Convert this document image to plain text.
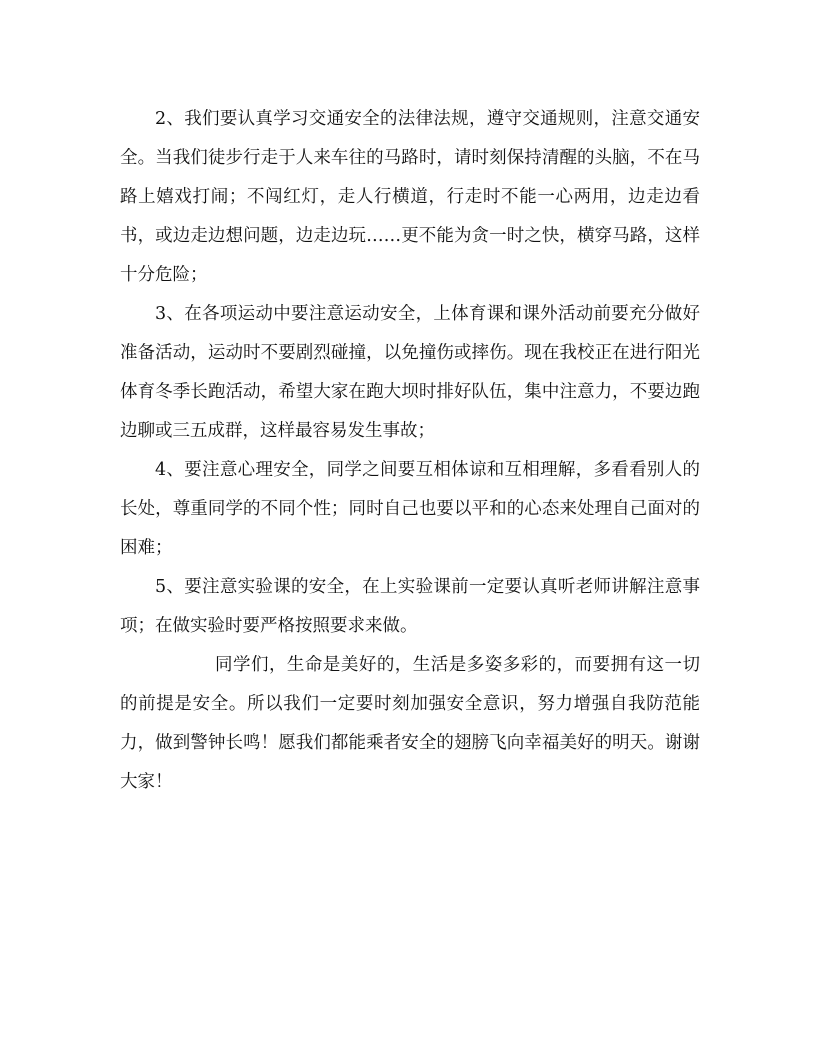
2、我们要认真学习交通安全的法律法规，遵守交通规则，注意交通安全。当我们徒步行走于人来车往的马路时，请时刻保持清醒的头脑，不在马路上嬉戏打闹；不闯红灯，走人行横道，行走时不能一心两用，边走边看书，或边走边想问题，边走边玩……更不能为贪一时之快，横穿马路，这样十分危险；

3、在各项运动中要注意运动安全，上体育课和课外活动前要充分做好准备活动，运动时不要剧烈碰撞，以免撞伤或摔伤。现在我校正在进行阳光体育冬季长跑活动，希望大家在跑大坝时排好队伍，集中注意力，不要边跑边聊或三五成群，这样最容易发生事故；

4、要注意心理安全，同学之间要互相体谅和互相理解，多看看别人的长处，尊重同学的不同个性；同时自己也要以平和的心态来处理自己面对的困难；

5、要注意实验课的安全，在上实验课前一定要认真听老师讲解注意事项；在做实验时要严格按照要求来做。

同学们，生命是美好的，生活是多姿多彩的，而要拥有这一切的前提是安全。所以我们一定要时刻加强安全意识，努力增强自我防范能力，做到警钟长鸣！愿我们都能乘者安全的翅膀飞向幸福美好的明天。谢谢大家！
